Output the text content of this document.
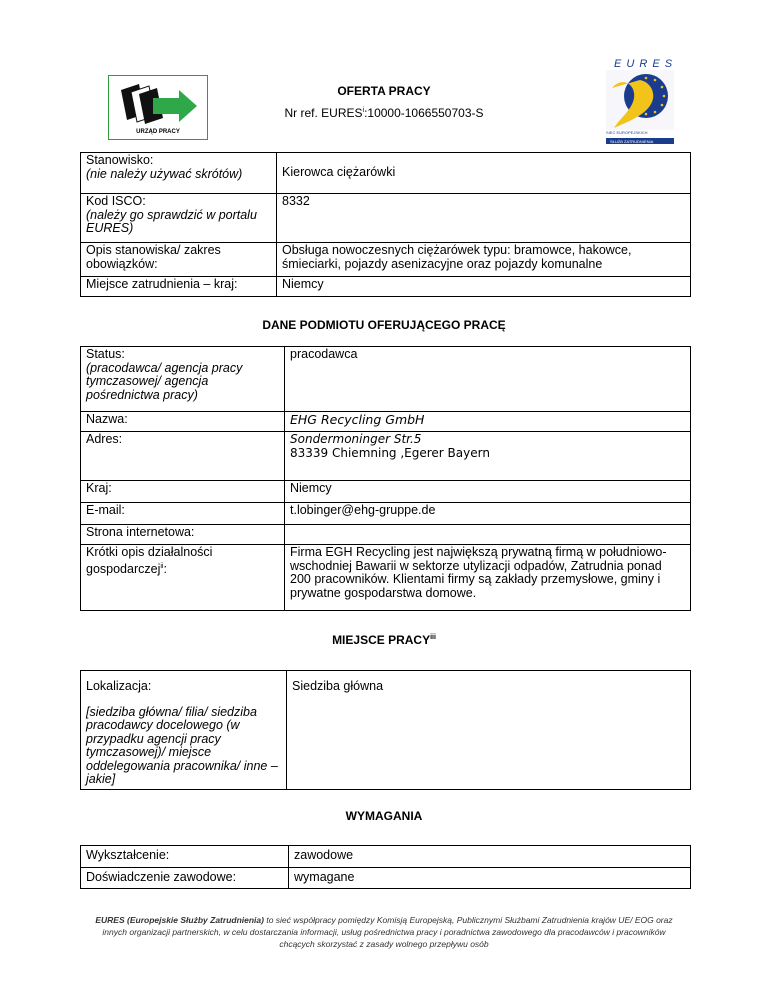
URZĄD PRACY
OFERTA PRACY
Nr ref. EURES$^i$:10000-1066550703-S
E U R E S
SIEĆ EUROPEJSKICH
SŁUŻB ZATRUDNIENIA
Stanowisko:
(nie należy używać skrótów)	Kierowca ciężarówki

Kod ISCO:
(należy go sprawdzić w portalu EURES)	8332
Opis stanowiska/ zakres obowiązków:	Obsługa nowoczesnych ciężarówek typu: bramowce, hakowce, śmieciarki, pojazdy asenizacyjne oraz pojazdy komunalne
Miejsce zatrudnienia – kraj:	Niemcy
DANE PODMIOTU OFERUJĄCEGO PRACĘ
Status:
(pracodawca/ agencja pracy tymczasowej/ agencja pośrednictwa pracy)	pracodawca
Nazwa:	EHG Recycling GmbH
Adres:	Sondermoninger Str.5
83339 Chiemning ,Egerer Bayern

Kraj:	Niemcy
E-mail:	t.lobinger@ehg-gruppe.de
Strona internetowa:	
Krótki opis działalności gospodarczej$^{ii}$:	Firma EGH Recycling jest największą prywatną firmą w południowo-wschodniej Bawarii w sektorze utylizacji odpadów, Zatrudnia ponad 200 pracowników. Klientami firmy są zakłady przemysłowe, gminy i prywatne gospodarstwa domowe.
MIEJSCE PRACY$^{iii}$
Lokalizacja:
[siedziba główna/ filia/ siedziba pracodawcy docelowego (w przypadku agencji pracy tymczasowej)/ miejsce oddelegowania pracownika/ inne – jakie]
	Siedziba główna
WYMAGANIA
Wykształcenie:	zawodowe
Doświadczenie zawodowe:	wymagane
EURES (Europejskie Służby Zatrudnienia) to sieć współpracy pomiędzy Komisją Europejską, Publicznymi Służbami Zatrudnienia krajów UE/ EOG oraz innych organizacji partnerskich, w celu dostarczania informacji, usług pośrednictwa pracy i poradnictwa zawodowego dla pracodawców i pracowników chcących skorzystać z zasady wolnego przepływu osób
